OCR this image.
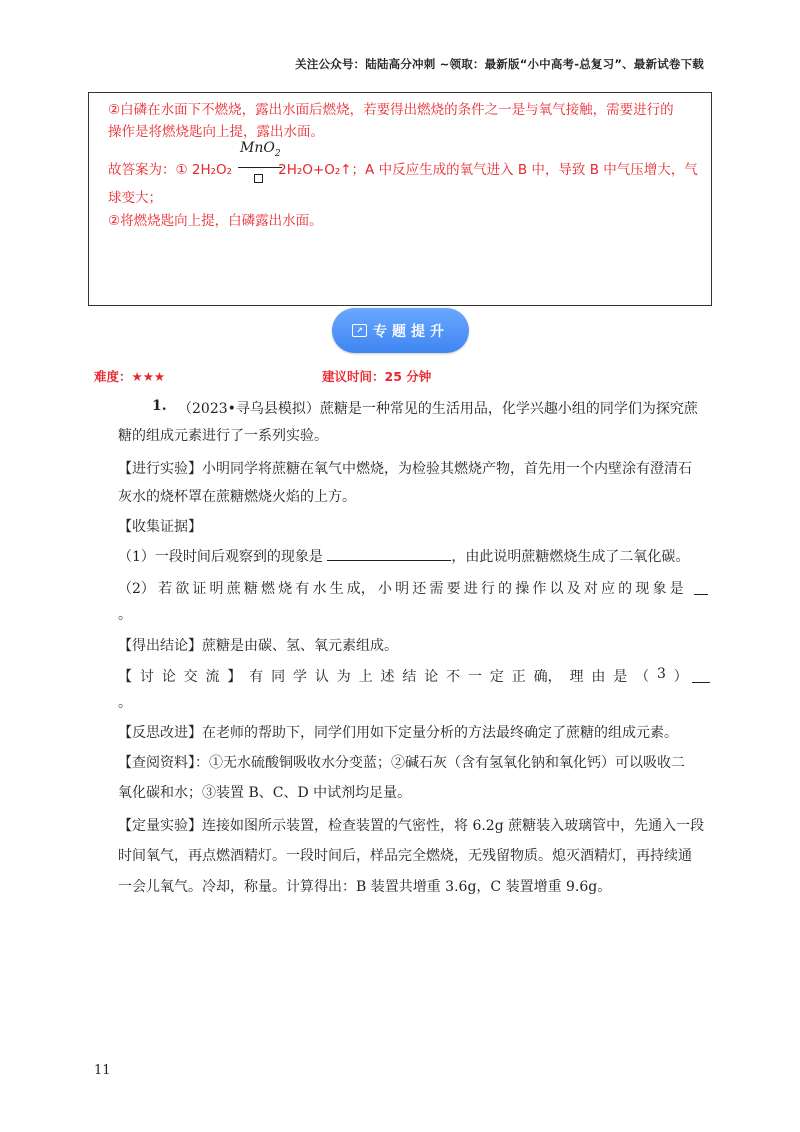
关注公众号：陆陆高分冲刺 ~领取：最新版“小中高考-总复习”、最新试卷下载
②白磷在水面下不燃烧，露出水面后燃烧，若要得出燃烧的条件之一是与氧气接触，需要进行的
操作是将燃烧匙向上提，露出水面。
MnO$_2$
故答案为：① 2H₂O₂	2H₂O+O₂↑；A 中反应生成的氧气进入 B 中，导致 B 中气压增大，气
球变大；
②将燃烧匙向上提，白磷露出水面。
↗ 专题提升
难度：★★★	建议时间：25 分钟
1. （2023•寻乌县模拟）蔗糖是一种常见的生活用品，化学兴趣小组的同学们为探究蔗
糖的组成元素进行了一系列实验。
【进行实验】小明同学将蔗糖在氧气中燃烧，为检验其燃烧产物，首先用一个内壁涂有澄清石
灰水的烧杯罩在蔗糖燃烧火焰的上方。
【收集证据】
（1）一段时间后观察到的现象是	，由此说明蔗糖燃烧生成了二氧化碳。
（2） 若 欲 证 明 蔗 糖 燃 烧 有 水 生 成， 小 明 还 需 要 进 行 的 操 作 以 及 对 应 的 现 象 是

。
【得出结论】蔗糖是由碳、氢、氧元素组成。
【 讨 论 交 流 】 有 同 学 认 为 上 述 结 论 不 一 定 正 确， 理 由 是 （ 3 ）

。
【反思改进】在老师的帮助下，同学们用如下定量分析的方法最终确定了蔗糖的组成元素。
【查阅资料】：①无水硫酸铜吸收水分变蓝；②碱石灰（含有氢氧化钠和氧化钙）可以吸收二
氧化碳和水；③装置 B、C、D 中试剂均足量。
【定量实验】连接如图所示装置，检查装置的气密性，将 6.2g 蔗糖装入玻璃管中，先通入一段
时间氧气，再点燃酒精灯。一段时间后，样品完全燃烧，无残留物质。熄灭酒精灯，再持续通
一会儿氧气。冷却，称量。计算得出：B 装置共增重 3.6g，C 装置增重 9.6g。
11
